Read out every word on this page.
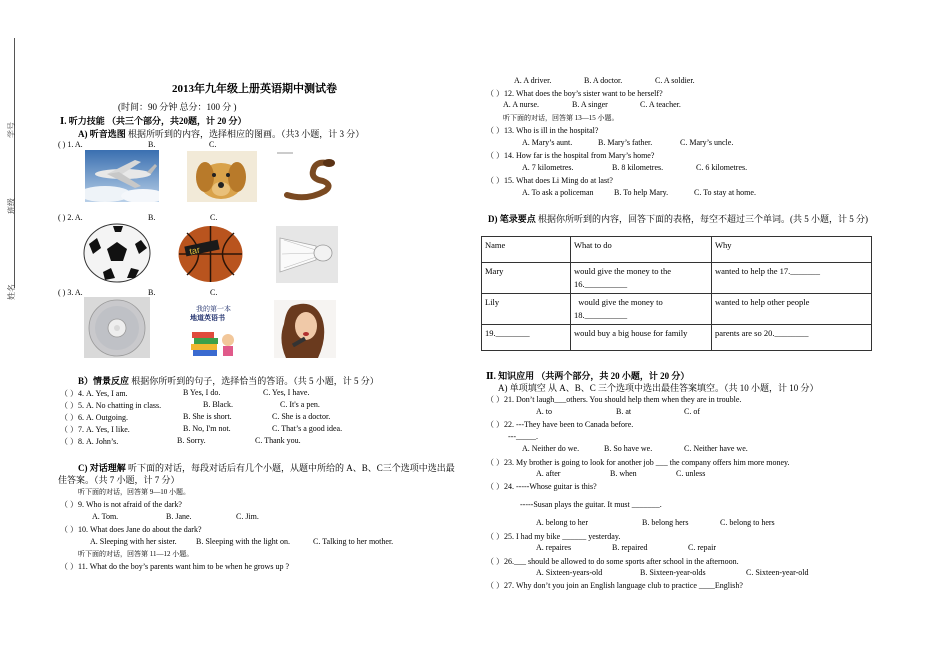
学号
班级
姓名
2013年九年级上册英语期中测试卷
(时间：90 分钟 总分：100 分 )
Ⅰ. 听力技能 （共三个部分，共20题，计 20 分）
A) 听音选图 根据所听到的内容，选择相应的图画。（共3 小题，计 3 分）
( ) 1. A.	B.	C.
( ) 2. A.	B.	C.
tar
( ) 3. A.	B.	C.
我的第一本
地道英语书
B）情景反应 根据你所听到的句子，选择恰当的答语。（共 5 小题，计 5 分）
（ ）4. A. Yes, I am.	B Yes, I do.	C. Yes, I have.
（ ）5. A. No chatting in class.	B. Black.	C. It's a pen.
（ ）6. A. Outgoing.	B. She is short.	C. She is a doctor.
（ ）7. A. Yes, I like.	B. No, I'm not.	C. That’s a good idea.
（ ）8. A. John’s.	B. Sorry.	C. Thank you.
C) 对话理解 听下面的对话，每段对话后有几个小题，从题中所给的 A、B、C三个选项中选出最
佳答案。（共 7 小题，计 7 分）
听下面的对话，回答第 9—10 小题。
（ ）9. Who is not afraid of the dark?
A. Tom.	B. Jane.	C. Jim.
（ ）10. What does Jane do about the dark?
A. Sleeping with her sister. B. Sleeping with the light on.	C. Talking to her mother.
听下面的对话，回答第 11—12 小题。
（ ）11. What do the boy’s parents want him to be when he grows up ?
A. A driver.	B. A doctor.	C. A soldier.
（ ）12. What does the boy’s sister want to be herself?
A. A nurse.	B. A singer	C. A teacher.
听下面的对话，回答第 13—15 小题。
（ ）13. Who is ill in the hospital?
A. Mary’s aunt.	B. Mary’s father.	C. Mary’s uncle.
（ ）14. How far is the hospital from Mary’s home?
A. 7 kilometres.	B. 8 kilometres.	C. 6 kilometres.
（ ）15. What does Li Ming do at last?
A. To ask a policeman	B. To help Mary.	C. To stay at home.
D) 笔录要点 根据你所听到的内容，回答下面的表格，每空不超过三个单词。(共 5 小题，计 5 分)
Name	What to do	Why
Mary	would give the money to the 16.__________	wanted to help the 17._______
Lily	would give the money to 18.__________	wanted to help other people
19.________	would buy a big house for family	parents are so 20.________
Ⅱ. 知识应用 （共两个部分，共 20 小题，计 20 分）
A) 单项填空 从 A、B、C 三个选项中选出最佳答案填空。（共 10 小题，计 10 分）
（ ）21. Don’t laugh___others. You should help them when they are in trouble.
A. to	B. at	C. of
（ ）22. ---They have been to Canada before.
---_____.
A. Neither do we.	B. So have we.	C. Neither have we.
（ ）23. My brother is going to look for another job ___ the company offers him more money.
A. after	B. when	C. unless
（ ）24. -----Whose guitar is this?
-----Susan plays the guitar. It must _______.
A. belong to her	B. belong hers	C. belong to hers
（ ）25. I had my bike ______ yesterday.
A. repaires	B. repaired	C. repair
（ ）26.___ should be allowed to do some sports after school in the afternoon.
A. Sixteen-years-old	B. Sixteen-year-olds	C. Sixteen-year-old
（ ）27. Why don’t you join an English language club to practice ____English?
